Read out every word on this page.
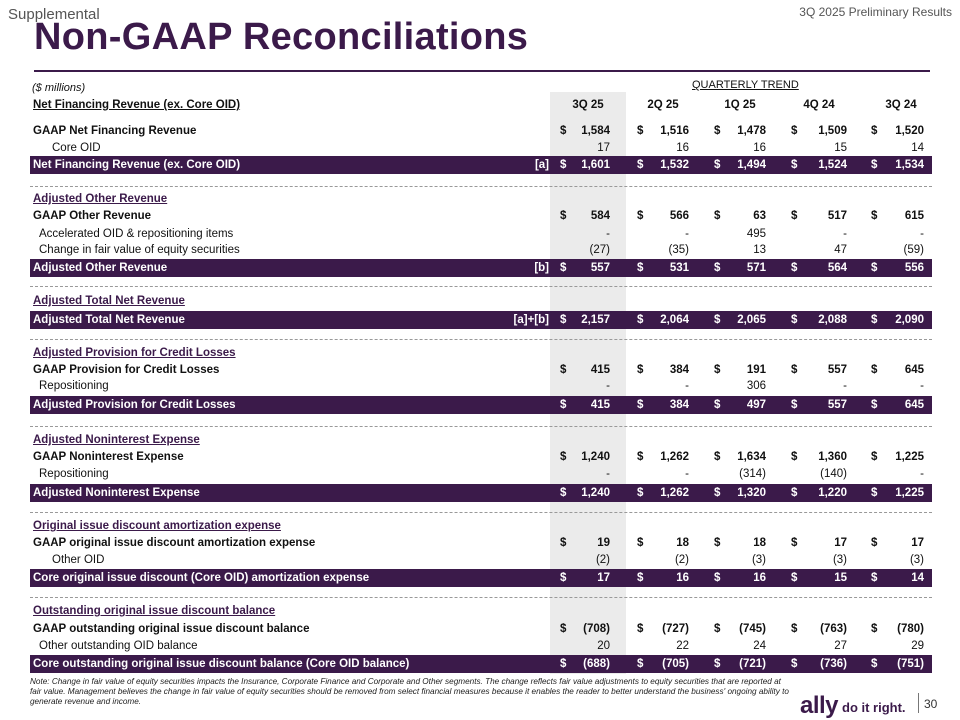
Supplemental	3Q 2025 Preliminary Results
Non-GAAP Reconciliations
($ millions)	QUARTERLY TREND
3Q 25	2Q 25	1Q 25	4Q 24	3Q 24
Net Financing Revenue (ex. Core OID)
GAAP Net Financing Revenue	$	1,584 $	1,516 $	1,478 $	1,509 $	1,520
Core OID	17	16	16	15	14
Net Financing Revenue (ex. Core OID)	[a] $	1,601 $	1,532 $	1,494 $	1,524 $	1,534
Adjusted Other Revenue
GAAP Other Revenue	$	584 $	566 $	63 $	517 $	615
Accelerated OID & repositioning items	-	-	495	-	-
Change in fair value of equity securities	(27)	(35)	13	47	(59)
Adjusted Other Revenue	[b] $	557 $	531 $	571 $	564 $	556
Adjusted Total Net Revenue
Adjusted Total Net Revenue	[a]+[b] $	2,157 $	2,064 $	2,065 $	2,088 $	2,090
Adjusted Provision for Credit Losses
GAAP Provision for Credit Losses	$	415 $	384 $	191 $	557 $	645
Repositioning	-	-	306	-	-
Adjusted Provision for Credit Losses	$	415 $	384 $	497 $	557 $	645
Adjusted Noninterest Expense
GAAP Noninterest Expense	$	1,240 $	1,262 $	1,634 $	1,360 $	1,225
Repositioning	-	-	(314)	(140)	-
Adjusted Noninterest Expense	$	1,240 $	1,262 $	1,320 $	1,220 $	1,225
Original issue discount amortization expense
GAAP original issue discount amortization expense	$	19 $	18 $	18 $	17 $	17
Other OID	(2)	(2)	(3)	(3)	(3)
Core original issue discount (Core OID) amortization expense	$	17 $	16 $	16 $	15 $	14
Outstanding original issue discount balance
GAAP outstanding original issue discount balance	$	(708) $	(727) $	(745) $	(763) $	(780)
Other outstanding OID balance	20	22	24	27	29
Core outstanding original issue discount balance (Core OID balance)	$	(688) $	(705) $	(721) $	(736) $	(751)
Note: Change in fair value of equity securities impacts the Insurance, Corporate Finance and Corporate and Other segments. The change reflects fair value adjustments to equity securities that are reported at fair value. Management believes the change in fair value of equity securities should be removed from select financial measures because it enables the reader to better understand the business' ongoing ability to generate revenue and income.	ally do it right. 30
